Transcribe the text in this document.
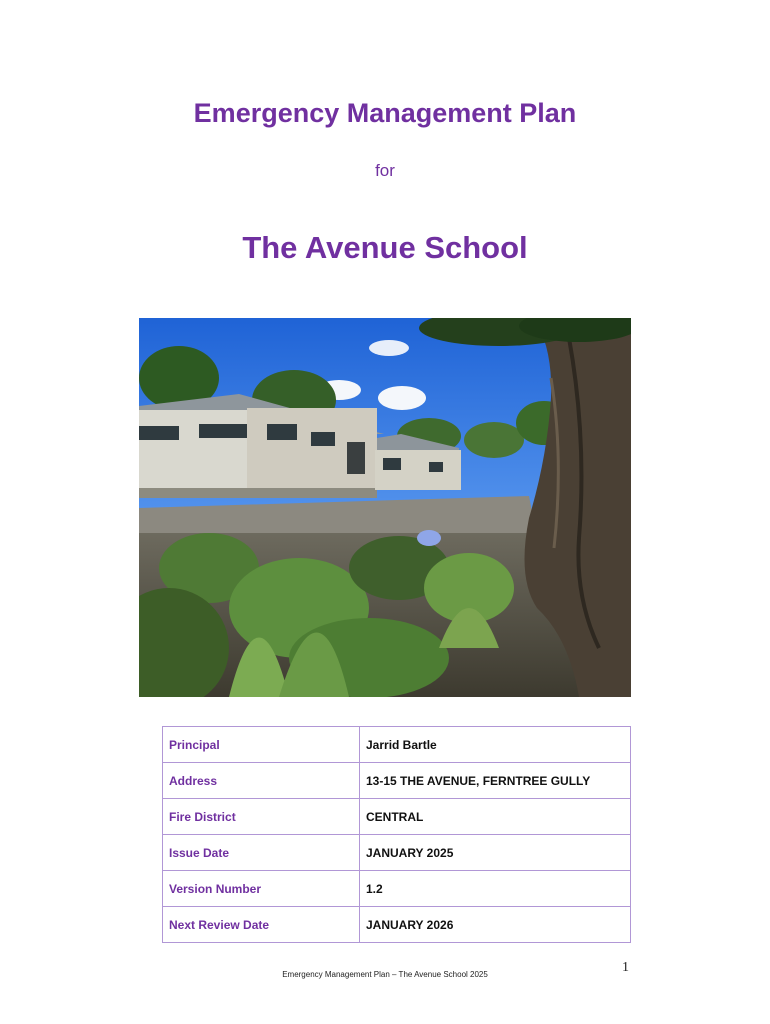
Emergency Management Plan
for
The Avenue School
Principal	Jarrid Bartle
Address	13-15 THE AVENUE, FERNTREE GULLY
Fire District	CENTRAL
Issue Date	JANUARY 2025
Version Number	1.2
Next Review Date	JANUARY 2026
1
Emergency Management Plan – The Avenue School 2025
